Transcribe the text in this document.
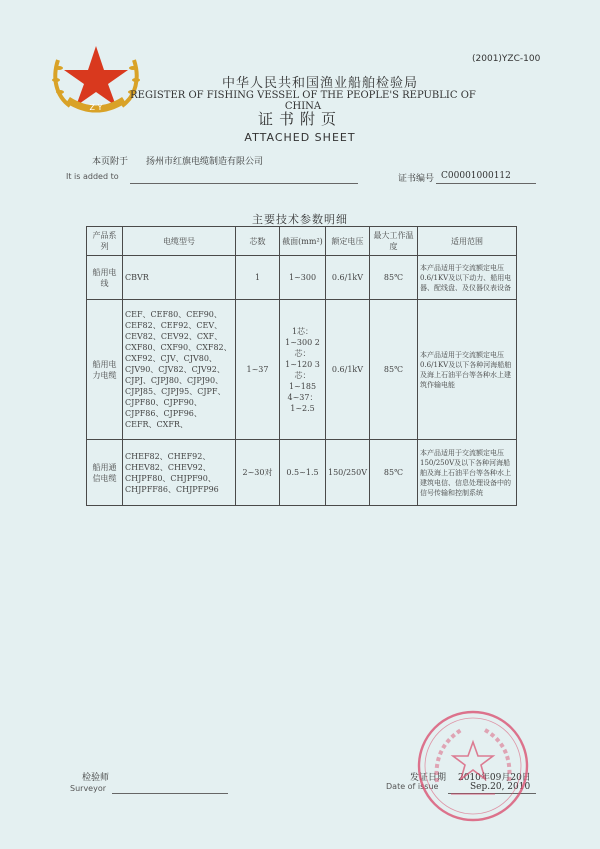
(2001)YZC-100
Z Y
中华人民共和国渔业船舶检验局
REGISTER OF FISHING VESSEL OF THE PEOPLE'S REPUBLIC OF CHINA
证书附页
ATTACHED SHEET
本页附于
It is added to
扬州市红旗电缆制造有限公司
证书编号 C00001000112
主要技术参数明细
产品系列	电缆型号	芯数	截面(mm²)	额定电压	最大工作温度	适用范围
船用电线	CBVR	1	1~300	0.6/1kV	85℃	本产品适用于交流额定电压0.6/1KV及以下动力、船用电器、配线盘、及仪器仪表设备
船用电力电缆	CEF、CEF80、CEF90、CEF82、CEF92、CEV、CEV82、CEV92、CXF、CXF80、CXF90、CXF82、CXF92、CJV、CJV80、CJV90、CJV82、CJV92、CJPJ、CJPJ80、CJPJ90、CJPJ85、CJPJ95、CJPF、CJPF80、CJPF90、CJPF86、CJPF96、CEFR、CXFR、	1~37	1芯：1~300 2芯：1~120 3芯：1~185 4~37：1~2.5	0.6/1kV	85℃	本产品适用于交流额定电压0.6/1KV及以下各种河海船舶及海上石油平台等各种水上建筑作输电能
船用通信电缆	CHEF82、CHEF92、CHEV82、CHEV92、CHJPF80、CHJPF90、CHJPFF86、CHJPFP96	2~30对	0.5~1.5	150/250V	85℃	本产品适用于交流额定电压150/250V及以下各种河海船舶及海上石油平台等各种水上建筑电信、信息处理设备中的信号传输和控制系统
检验师
Surveyor
发证日期 2010年09月20日
Date of issue	Sep.20, 2010
